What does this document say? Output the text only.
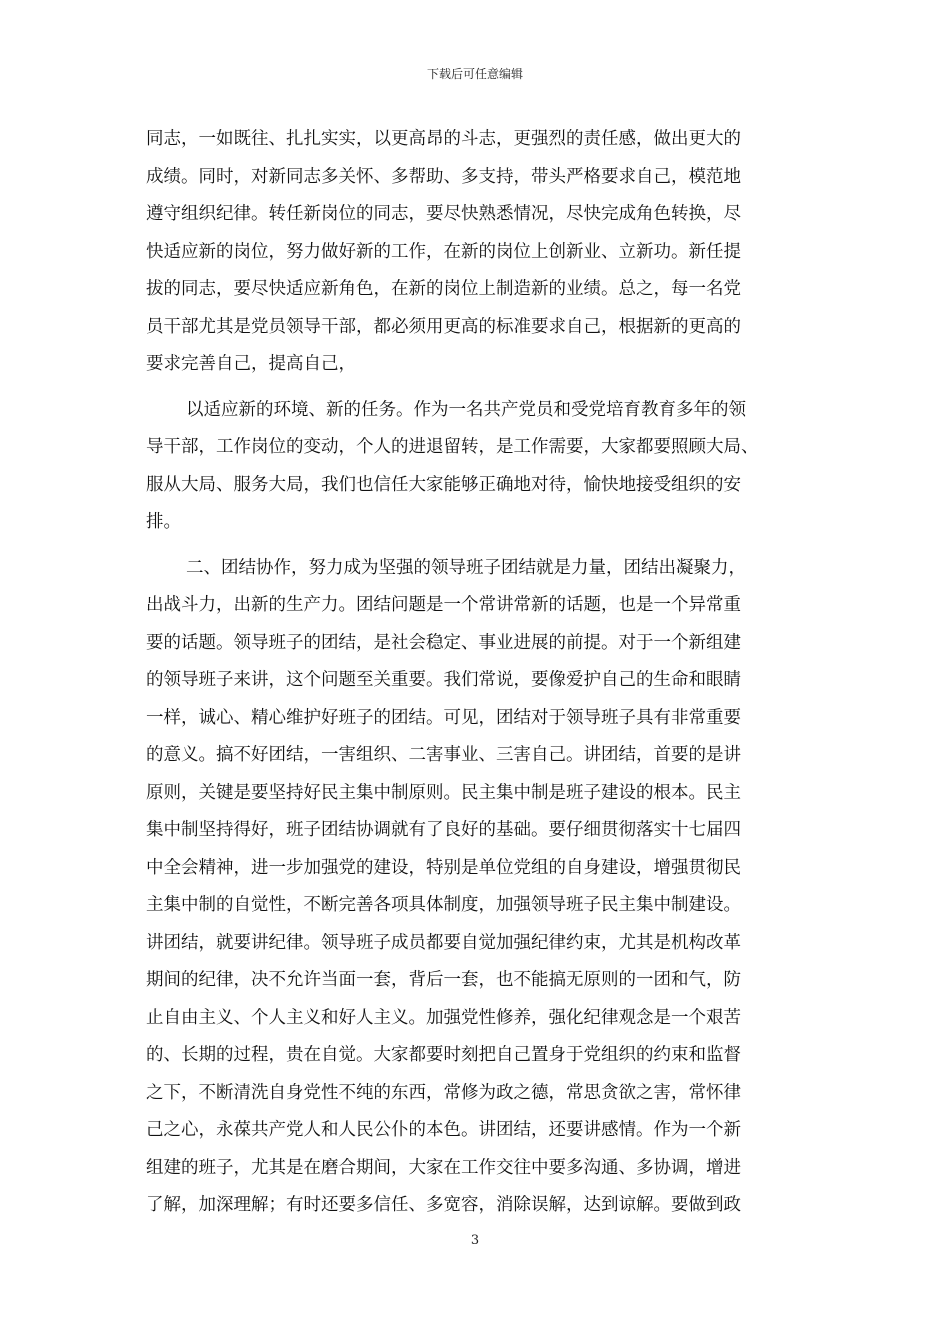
下载后可任意编辑
同志，一如既往、扎扎实实，以更高昂的斗志，更强烈的责任感，做出更大的
成绩。同时，对新同志多关怀、多帮助、多支持，带头严格要求自己，模范地
遵守组织纪律。转任新岗位的同志，要尽快熟悉情况，尽快完成角色转换，尽
快适应新的岗位，努力做好新的工作，在新的岗位上创新业、立新功。新任提
拔的同志，要尽快适应新角色，在新的岗位上制造新的业绩。总之，每一名党
员干部尤其是党员领导干部，都必须用更高的标准要求自己，根据新的更高的
要求完善自己，提高自己，
以适应新的环境、新的任务。作为一名共产党员和受党培育教育多年的领
导干部，工作岗位的变动，个人的进退留转，是工作需要，大家都要照顾大局、
服从大局、服务大局，我们也信任大家能够正确地对待，愉快地接受组织的安
排。
二、团结协作，努力成为坚强的领导班子团结就是力量，团结出凝聚力，
出战斗力，出新的生产力。团结问题是一个常讲常新的话题，也是一个异常重
要的话题。领导班子的团结，是社会稳定、事业进展的前提。对于一个新组建
的领导班子来讲，这个问题至关重要。我们常说，要像爱护自己的生命和眼睛
一样，诚心、精心维护好班子的团结。可见，团结对于领导班子具有非常重要
的意义。搞不好团结，一害组织、二害事业、三害自己。讲团结，首要的是讲
原则，关键是要坚持好民主集中制原则。民主集中制是班子建设的根本。民主
集中制坚持得好，班子团结协调就有了良好的基础。要仔细贯彻落实十七届四
中全会精神，进一步加强党的建设，特别是单位党组的自身建设，增强贯彻民
主集中制的自觉性，不断完善各项具体制度，加强领导班子民主集中制建设。
讲团结，就要讲纪律。领导班子成员都要自觉加强纪律约束，尤其是机构改革
期间的纪律，决不允许当面一套，背后一套，也不能搞无原则的一团和气，防
止自由主义、个人主义和好人主义。加强党性修养，强化纪律观念是一个艰苦
的、长期的过程，贵在自觉。大家都要时刻把自己置身于党组织的约束和监督
之下，不断清洗自身党性不纯的东西，常修为政之德，常思贪欲之害，常怀律
己之心，永葆共产党人和人民公仆的本色。讲团结，还要讲感情。作为一个新
组建的班子，尤其是在磨合期间，大家在工作交往中要多沟通、多协调，增进
了解，加深理解；有时还要多信任、多宽容，消除误解，达到谅解。要做到政
3
